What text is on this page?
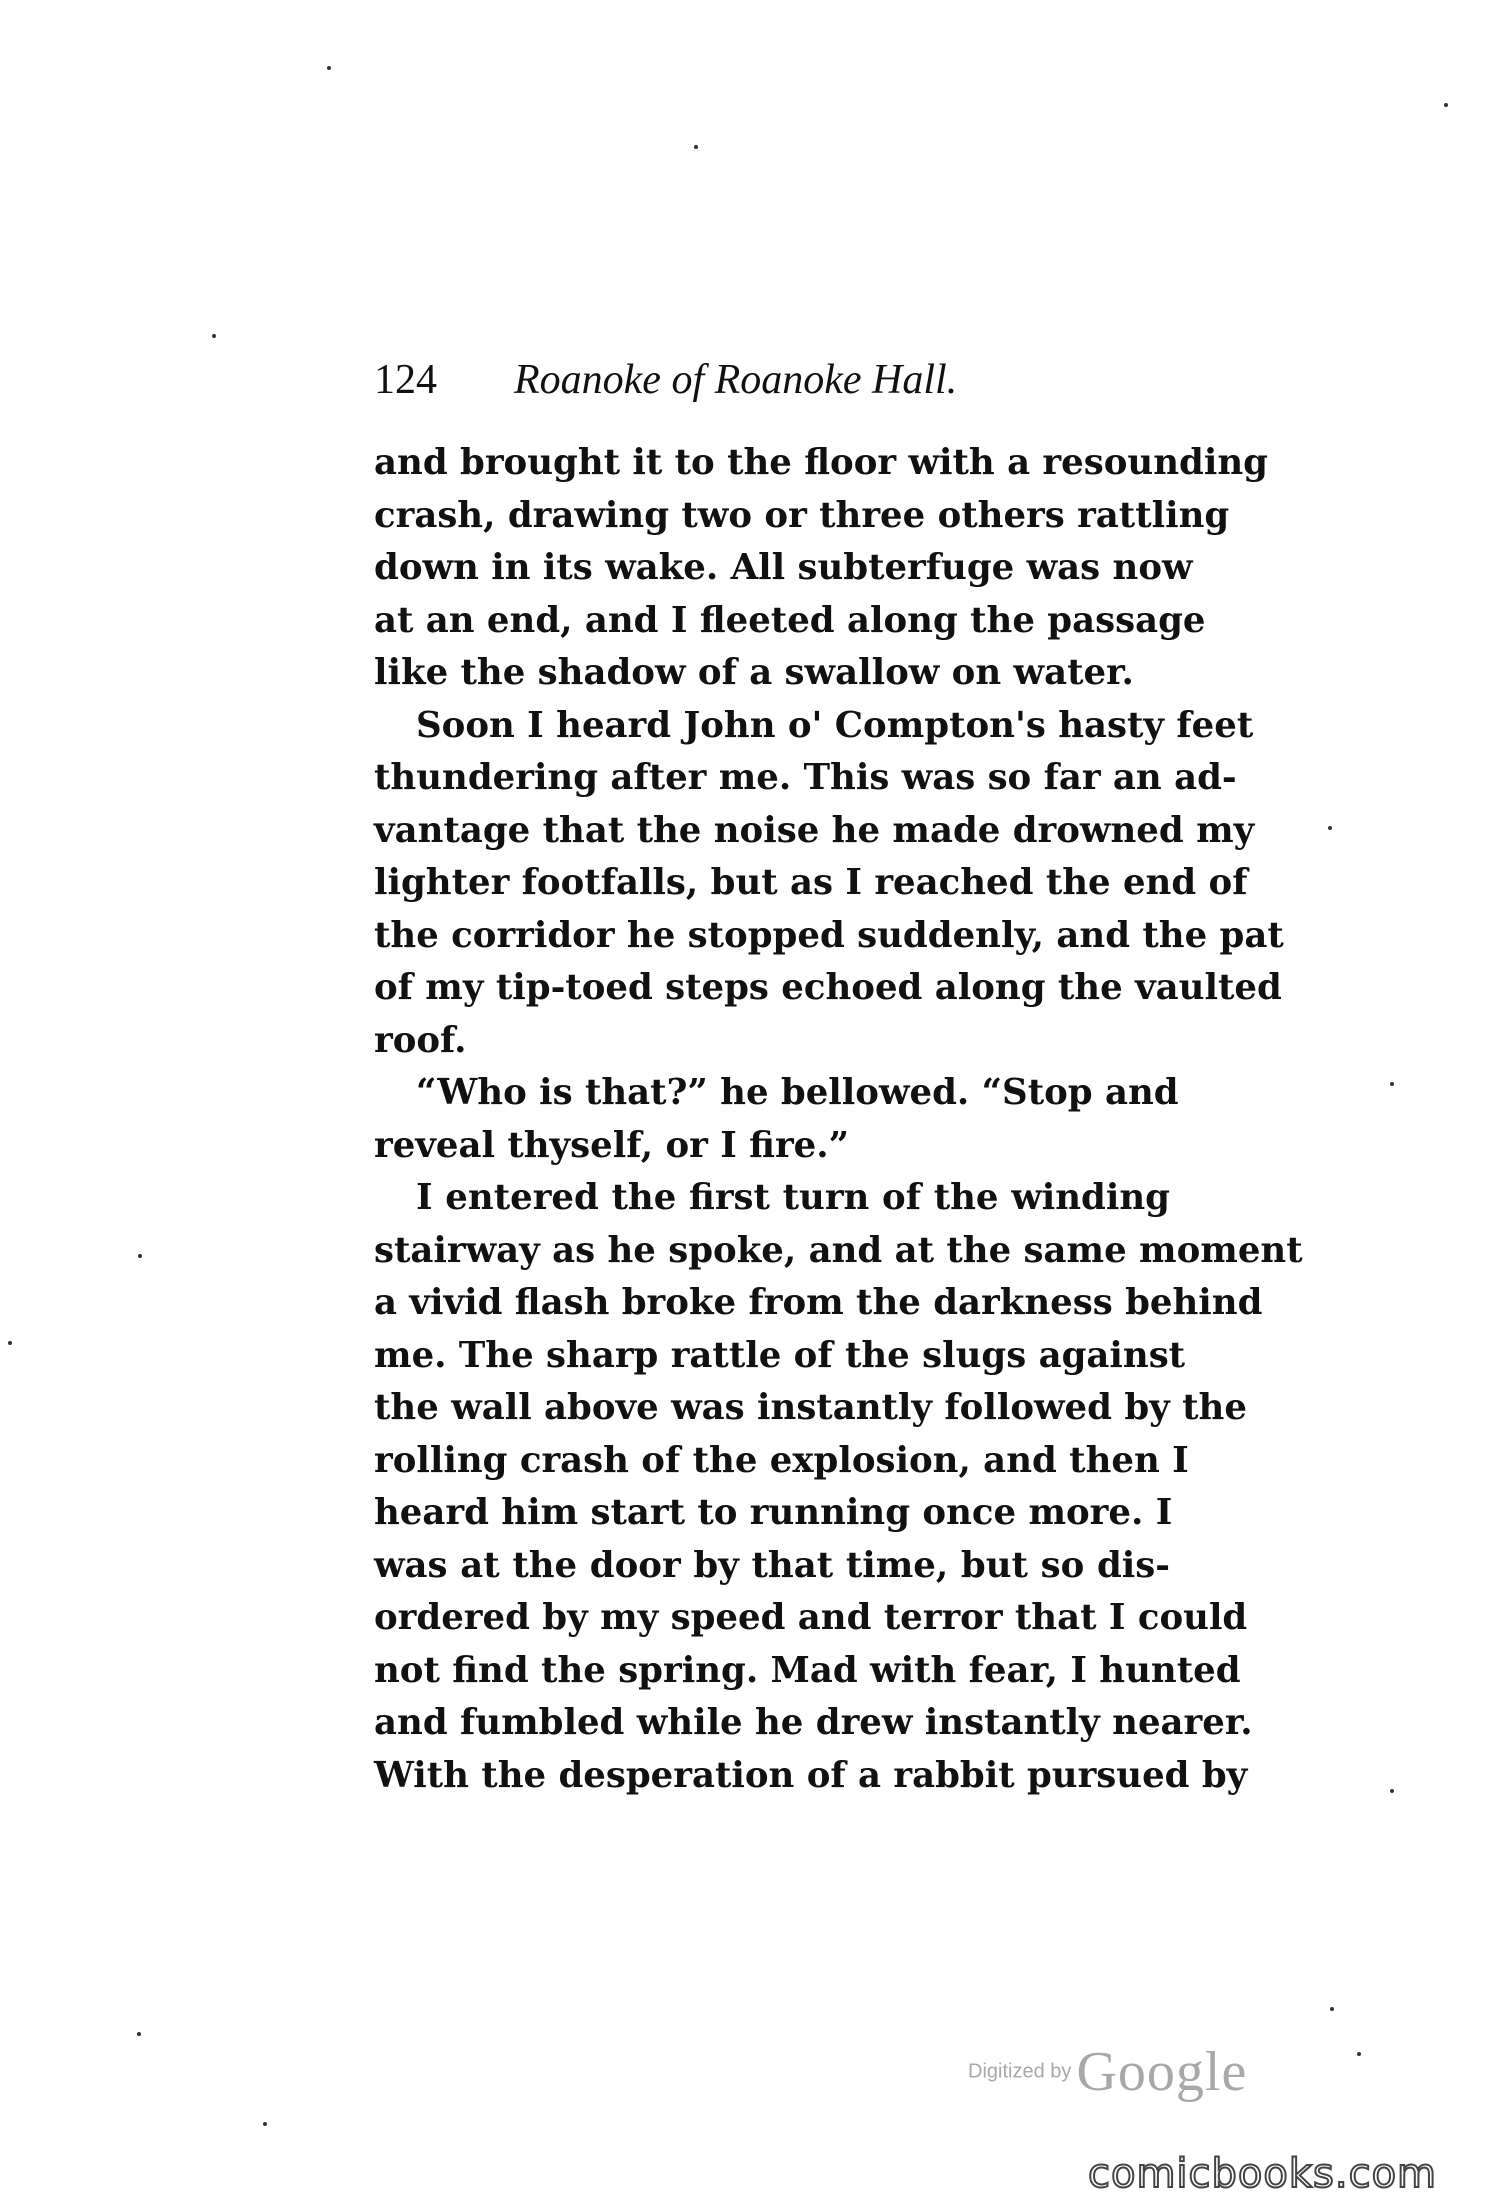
124 Roanoke of Roanoke Hall.
and brought it to the floor with a resounding
crash, drawing two or three others rattling
down in its wake. All subterfuge was now
at an end, and I fleeted along the passage
like the shadow of a swallow on water.
Soon I heard John o' Compton's hasty feet
thundering after me. This was so far an ad-
vantage that the noise he made drowned my
lighter footfalls, but as I reached the end of
the corridor he stopped suddenly, and the pat
of my tip-toed steps echoed along the vaulted
roof.
“Who is that?” he bellowed. “Stop and
reveal thyself, or I fire.”
I entered the first turn of the winding
stairway as he spoke, and at the same moment
a vivid flash broke from the darkness behind
me. The sharp rattle of the slugs against
the wall above was instantly followed by the
rolling crash of the explosion, and then I
heard him start to running once more. I
was at the door by that time, but so dis-
ordered by my speed and terror that I could
not find the spring. Mad with fear, I hunted
and fumbled while he drew instantly nearer.
With the desperation of a rabbit pursued by
Digitized by Google
comicbooks.com
